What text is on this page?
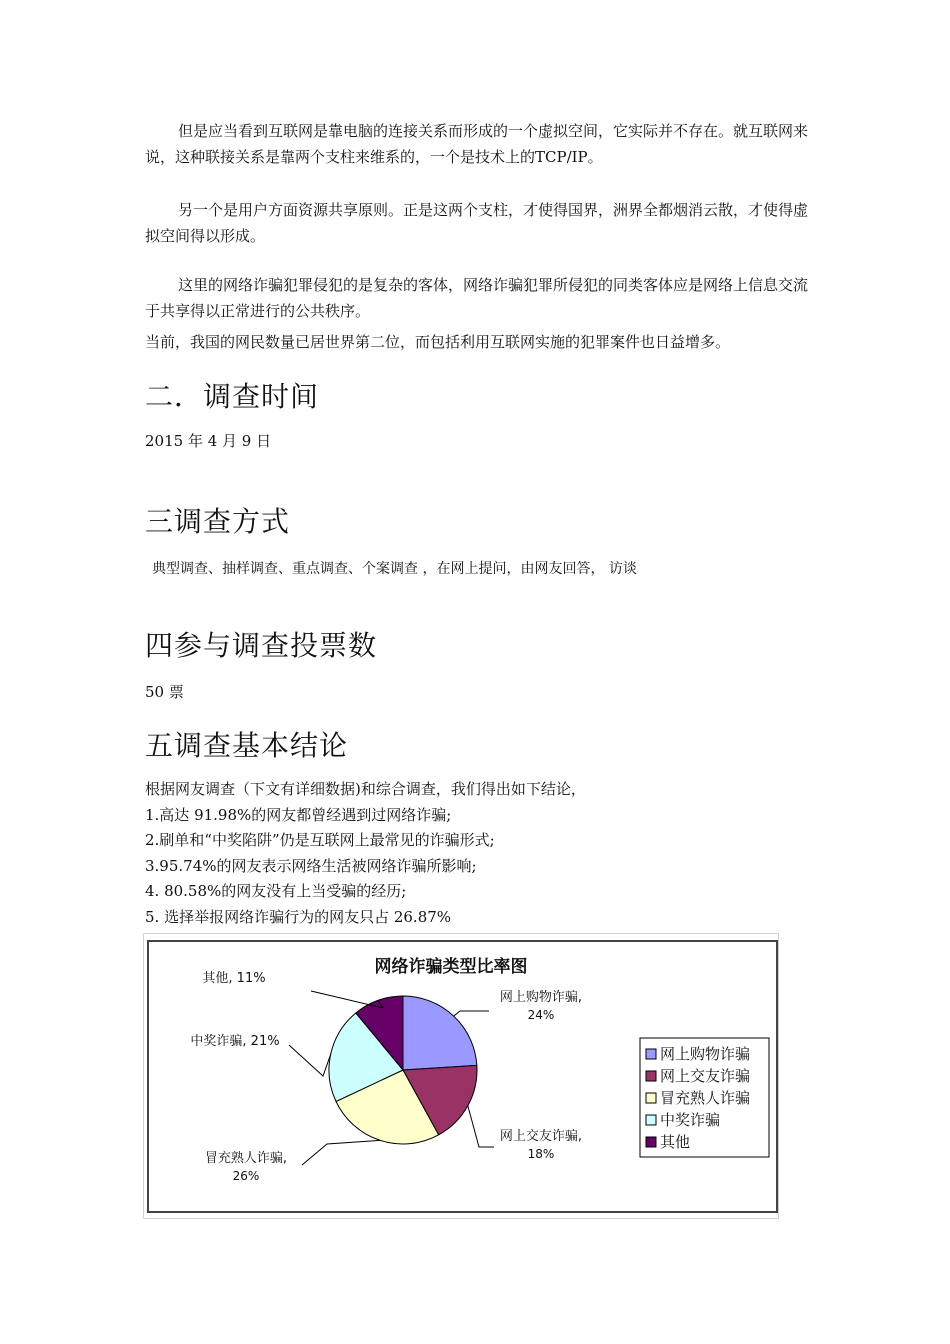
但是应当看到互联网是靠电脑的连接关系而形成的一个虚拟空间，它实际并不存在。就互联网来说，这种联接关系是靠两个支柱来维系的，一个是技术上的TCP/IP。

另一个是用户方面资源共享原则。正是这两个支柱，才使得国界，洲界全都烟消云散，才使得虚拟空间得以形成。

这里的网络诈骗犯罪侵犯的是复杂的客体，网络诈骗犯罪所侵犯的同类客体应是网络上信息交流于共享得以正常进行的公共秩序。

当前，我国的网民数量已居世界第二位，而包括利用互联网实施的犯罪案件也日益增多。

二．调查时间

2015 年 4 月 9 日

三调查方式

典型调查、抽样调查、重点调查、个案调查 ，在网上提问，由网友回答， 访谈

四参与调查投票数

50 票

五调查基本结论
根据网友调查（下文有详细数据)和综合调查，我们得出如下结论，
1.高达 91.98%的网友都曾经遇到过网络诈骗;
2.刷单和“中奖陷阱”仍是互联网上最常见的诈骗形式;
3.95.74%的网友表示网络生活被网络诈骗所影响;
4. 80.58%的网友没有上当受骗的经历;
5. 选择举报网络诈骗行为的网友只占 26.87%
网络诈骗类型比率图
网上购物诈骗,
24%
网上交友诈骗,
18%
冒充熟人诈骗,
26%
中奖诈骗, 21%
其他, 11%
网上购物诈骗
网上交友诈骗
冒充熟人诈骗
中奖诈骗
其他
